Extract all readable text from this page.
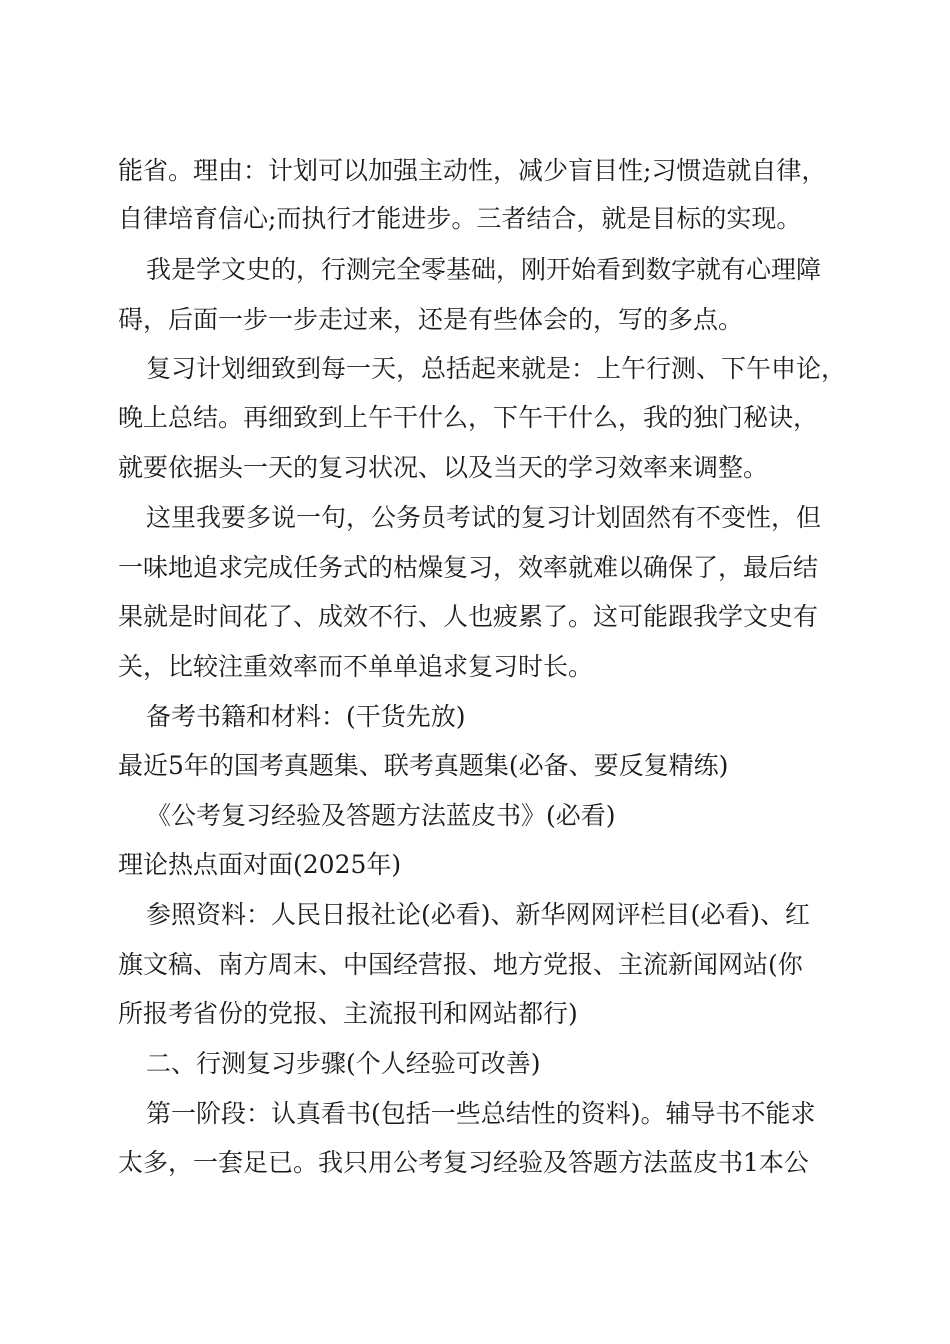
能省。理由：计划可以加强主动性，减少盲目性;习惯造就自律，
自律培育信心;而执行才能进步。三者结合，就是目标的实现。
我是学文史的，行测完全零基础，刚开始看到数字就有心理障
碍，后面一步一步走过来，还是有些体会的，写的多点。
复习计划细致到每一天，总括起来就是：上午行测、下午申论，
晚上总结。再细致到上午干什么，下午干什么，我的独门秘诀，
就要依据头一天的复习状况、以及当天的学习效率来调整。
这里我要多说一句，公务员考试的复习计划固然有不变性，但
一味地追求完成任务式的枯燥复习，效率就难以确保了，最后结
果就是时间花了、成效不行、人也疲累了。这可能跟我学文史有
关，比较注重效率而不单单追求复习时长。
备考书籍和材料：(干货先放)
最近5年的国考真题集、联考真题集(必备、要反复精练)
《公考复习经验及答题方法蓝皮书》(必看)
理论热点面对面(2025年)
参照资料：人民日报社论(必看)、新华网网评栏目(必看)、红
旗文稿、南方周末、中国经营报、地方党报、主流新闻网站(你
所报考省份的党报、主流报刊和网站都行)
二、行测复习步骤(个人经验可改善)
第一阶段：认真看书(包括一些总结性的资料)。辅导书不能求
太多，一套足已。我只用公考复习经验及答题方法蓝皮书1本公
